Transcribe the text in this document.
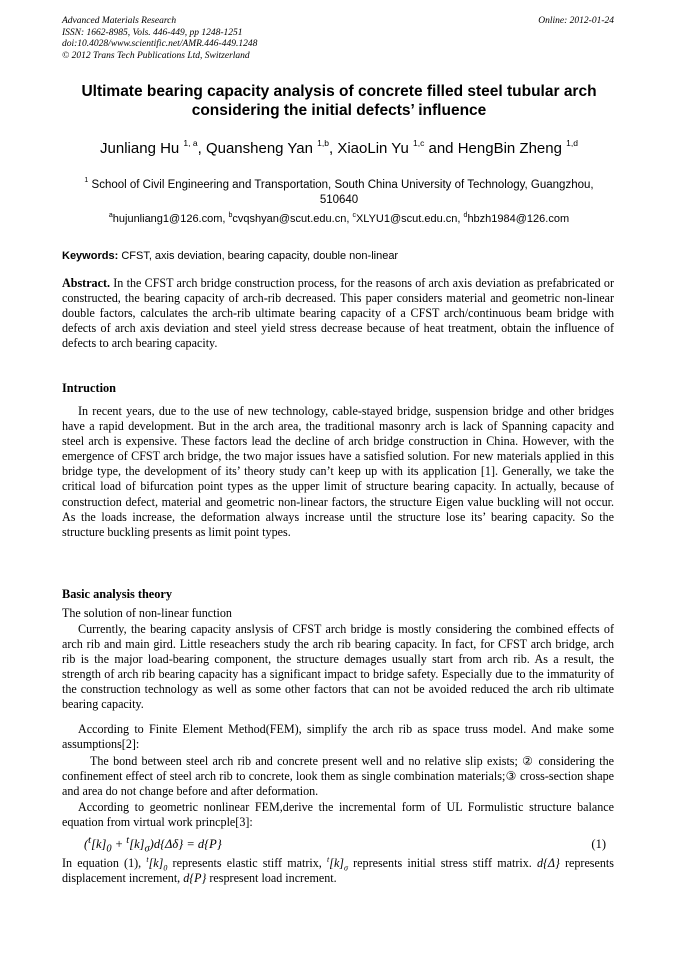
Advanced Materials Research
ISSN: 1662-8985, Vols. 446-449, pp 1248-1251
doi:10.4028/www.scientific.net/AMR.446-449.1248
© 2012 Trans Tech Publications Ltd, Switzerland
Online: 2012-01-24
Ultimate bearing capacity analysis of concrete filled steel tubular arch considering the initial defects’ influence
Junliang Hu $^{1, a}$, Quansheng Yan $^{1,b}$, XiaoLin Yu $^{1,c}$ and HengBin Zheng $^{1,d}$
$^1$ School of Civil Engineering and Transportation, South China University of Technology, Guangzhou, 510640
$^a$hujunliang1@126.com, $^b$cvqshyan@scut.edu.cn, $^c$XLYU1@scut.edu.cn, $^d$hbzh1984@126.com
Keywords: CFST, axis deviation, bearing capacity, double non-linear
Abstract. In the CFST arch bridge construction process, for the reasons of arch axis deviation as prefabricated or constructed, the bearing capacity of arch-rib decreased. This paper considers material and geometric non-linear double factors, calculates the arch-rib ultimate bearing capacity of a CFST arch/continuous beam bridge with defects of arch axis deviation and steel yield stress decrease because of heat treatment, obtain the influence of defects to arch bearing capacity.
Intruction
In recent years, due to the use of new technology, cable-stayed bridge, suspension bridge and other bridges have a rapid development. But in the arch area, the traditional masonry arch is lack of Spanning capacity and steel arch is expensive. These factors lead the decline of arch bridge construction in China. However, with the emergence of CFST arch bridge, the two major issues have a satisfied solution. For new materials applied in this bridge type, the development of its’ theory study can’t keep up with its application [1]. Generally, we take the critical load of bifurcation point types as the upper limit of structure bearing capacity. In actually, because of construction defect, material and geometric non-linear factors, the structure Eigen value buckling will not occur. As the loads increase, the deformation always increase until the structure lose its’ bearing capacity. So the structure buckling presents as limit point types.
Basic analysis theory
The solution of non-linear function
Currently, the bearing capacity anslysis of CFST arch bridge is mostly considering the combined effects of arch rib and main gird. Little reseachers study the arch rib bearing capacity. In fact, for CFST arch bridge, arch rib is the major load-bearing component, the structure demages usually start from arch rib. As a result, the strength of arch rib bearing capacity has a significant impact to bridge safety. Especially due to the immaturity of the construction technology as well as some other factors that can not be avoided reduced the arch rib ultimate bearing capacity.
According to Finite Element Method(FEM), simplify the arch rib as space truss model. And make some assumptions[2]:
The bond between steel arch rib and concrete present well and no relative slip exists; ② considering the confinement effect of steel arch rib to concrete, look them as single combination materials;③ cross-section shape and area do not change before and after deformation.
According to geometric nonlinear FEM,derive the incremental form of UL Formulistic structure balance equation from virtual work princple[3]:
$(^t[k]_0 + ^t[k]_\sigma)d\{\Delta\delta\} = d\{P\}$	(1)
In equation (1), $^t[k]_0$ represents elastic stiff matrix, $^t[k]_\sigma$ represents initial stress stiff matrix. d{Δ} represents displacement increment, d{P} respresent load increment.
